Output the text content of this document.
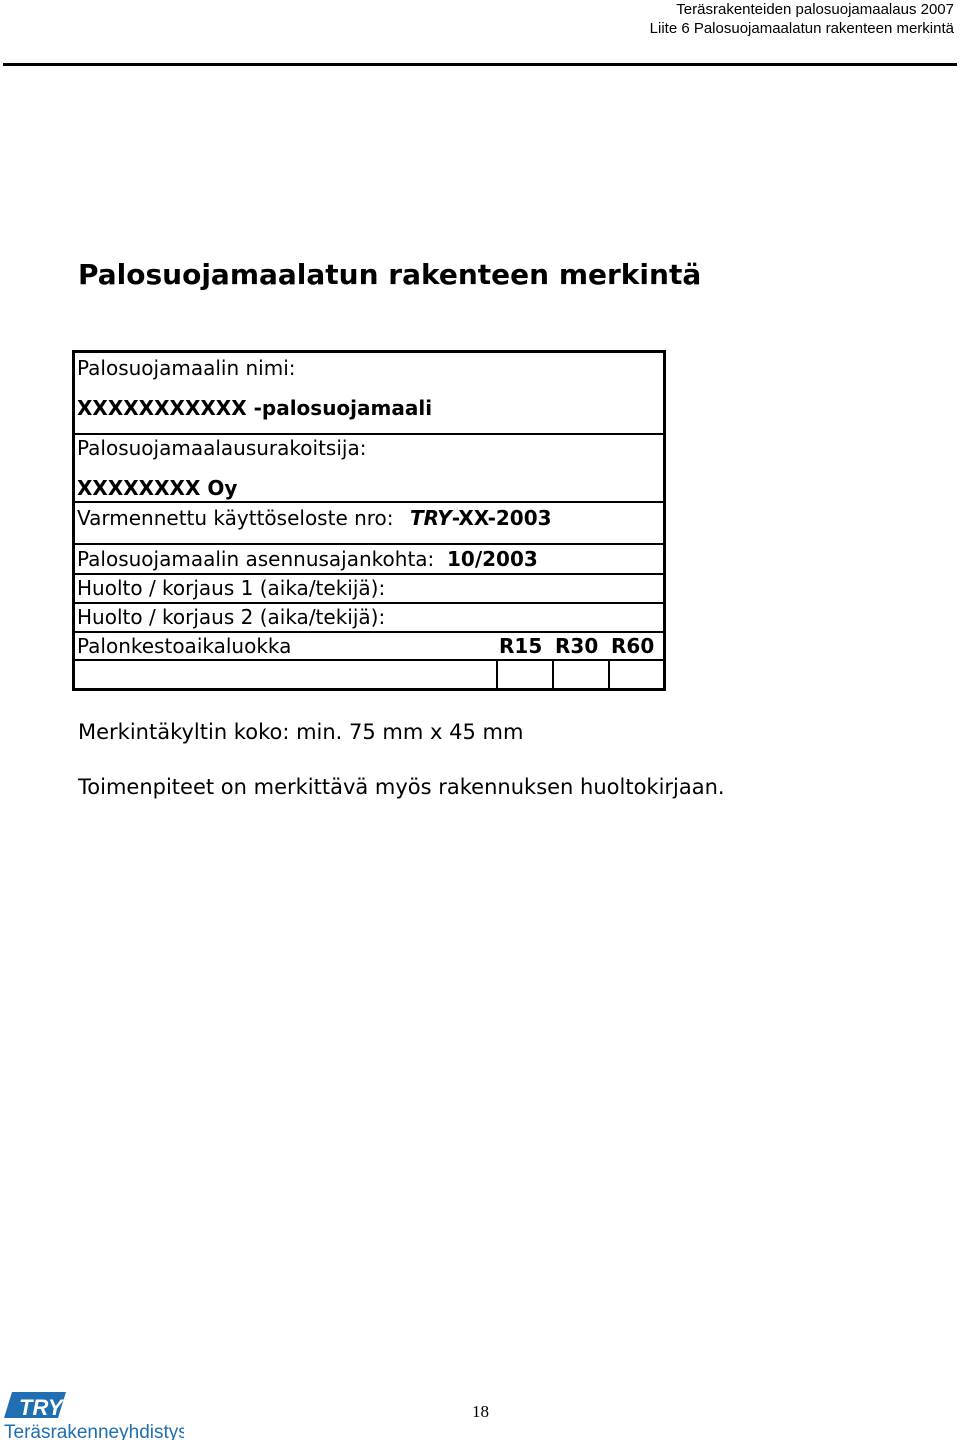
Teräsrakenteiden palosuojamaalaus 2007
Liite 6 Palosuojamaalatun rakenteen merkintä
Palosuojamaalatun rakenteen merkintä
Palosuojamaalin nimi:
XXXXXXXXXXX -palosuojamaali
Palosuojamaalausurakoitsija:
XXXXXXXX Oy
Varmennettu käyttöseloste nro: TRY-XX-2003
Palosuojamaalin asennusajankohta: 10/2003
Huolto / korjaus 1 (aika/tekijä):
Huolto / korjaus 2 (aika/tekijä):
Palonkestoaikaluokka	R15 R30 R60
Merkintäkyltin koko: min. 75 mm x 45 mm
Toimenpiteet on merkittävä myös rakennuksen huoltokirjaan.
TRY
Teräsrakenneyhdistys
18
